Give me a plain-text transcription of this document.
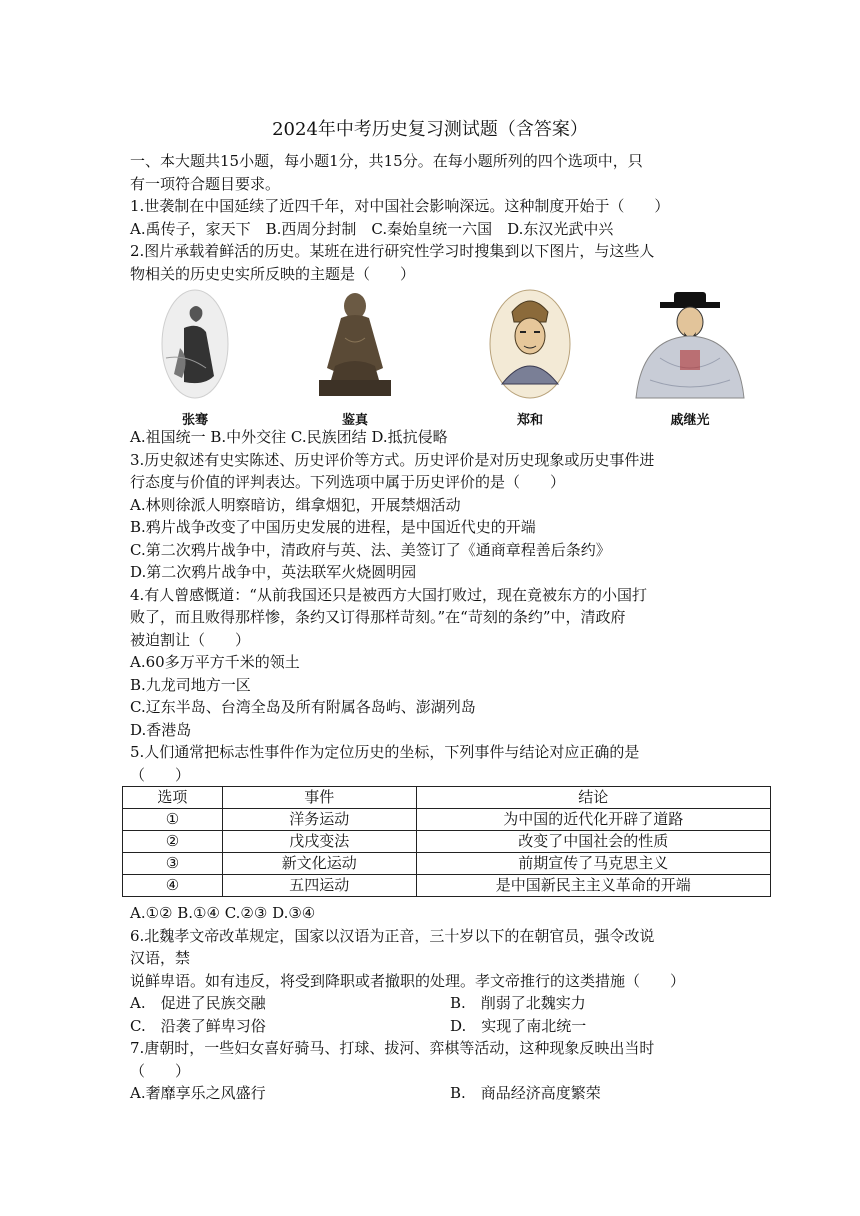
2024年中考历史复习测试题（含答案）
一、本大题共15小题，每小题1分，共15分。在每小题所列的四个选项中，只
有一项符合题目要求。
1.世袭制在中国延续了近四千年，对中国社会影响深远。这种制度开始于（　　）
A.禹传子，家天下　B.西周分封制　C.秦始皇统一六国　D.东汉光武中兴
2.图片承载着鲜活的历史。某班在进行研究性学习时搜集到以下图片，与这些人
物相关的历史史实所反映的主题是（　　）
张骞	鉴真	郑和	戚继光
A.祖国统一 B.中外交往 C.民族团结 D.抵抗侵略
3.历史叙述有史实陈述、历史评价等方式。历史评价是对历史现象或历史事件进
行态度与价值的评判表达。下列选项中属于历史评价的是（　　）
A.林则徐派人明察暗访，缉拿烟犯，开展禁烟活动
B.鸦片战争改变了中国历史发展的进程，是中国近代史的开端
C.第二次鸦片战争中，清政府与英、法、美签订了《通商章程善后条约》
D.第二次鸦片战争中，英法联军火烧圆明园
4.有人曾感慨道：“从前我国还只是被西方大国打败过，现在竟被东方的小国打
败了，而且败得那样惨，条约又订得那样苛刻。”在“苛刻的条约”中，清政府
被迫割让（　　）
A.60多万平方千米的领土
B.九龙司地方一区
C.辽东半岛、台湾全岛及所有附属各岛屿、澎湖列岛
D.香港岛
5.人们通常把标志性事件作为定位历史的坐标，下列事件与结论对应正确的是
（　　）
选项	事件	结论
①	洋务运动	为中国的近代化开辟了道路
②	戊戌变法	改变了中国社会的性质
③	新文化运动	前期宣传了马克思主义
④	五四运动	是中国新民主主义革命的开端
A.①② B.①④ C.②③ D.③④
6.北魏孝文帝改革规定，国家以汉语为正音，三十岁以下的在朝官员，强令改说
汉语，禁
说鲜卑语。如有违反，将受到降职或者撤职的处理。孝文帝推行的这类措施（　　）
A.　促进了民族交融	B.　削弱了北魏实力
C.　沿袭了鲜卑习俗	D.　实现了南北统一
7.唐朝时，一些妇女喜好骑马、打球、拔河、弈棋等活动，这种现象反映出当时
（　　）
A.奢靡享乐之风盛行	B.　商品经济高度繁荣
